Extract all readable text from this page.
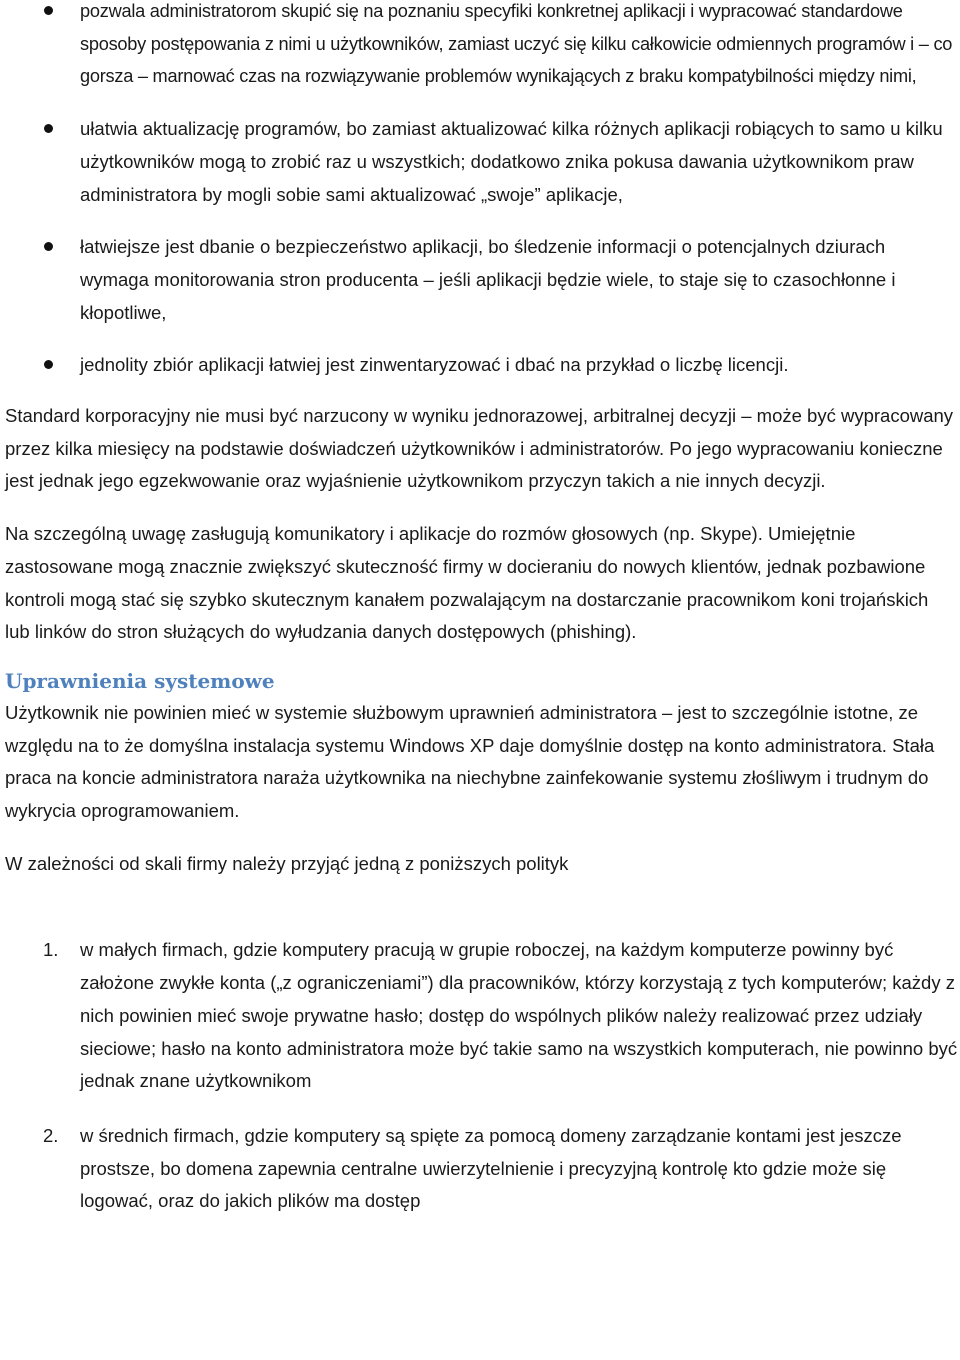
pozwala administratorom skupić się na poznaniu specyfiki konkretnej aplikacji i wypracować standardowe sposoby postępowania z nimi u użytkowników, zamiast uczyć się kilku całkowicie odmiennych programów i – co gorsza – marnować czas na rozwiązywanie problemów wynikających z braku kompatybilności między nimi,
ułatwia aktualizację programów, bo zamiast aktualizować kilka różnych aplikacji robiących to samo u kilku użytkowników mogą to zrobić raz u wszystkich; dodatkowo znika pokusa dawania użytkownikom praw administratora by mogli sobie sami aktualizować „swoje” aplikacje,
łatwiejsze jest dbanie o bezpieczeństwo aplikacji, bo śledzenie informacji o potencjalnych dziurach wymaga monitorowania stron producenta – jeśli aplikacji będzie wiele, to staje się to czasochłonne i kłopotliwe,
jednolity zbiór aplikacji łatwiej jest zinwentaryzować i dbać na przykład o liczbę licencji.

Standard korporacyjny nie musi być narzucony w wyniku jednorazowej, arbitralnej decyzji – może być wypracowany przez kilka miesięcy na podstawie doświadczeń użytkowników i administratorów. Po jego wypracowaniu konieczne jest jednak jego egzekwowanie oraz wyjaśnienie użytkownikom przyczyn takich a nie innych decyzji.

Na szczególną uwagę zasługują komunikatory i aplikacje do rozmów głosowych (np. Skype). Umiejętnie zastosowane mogą znacznie zwiększyć skuteczność firmy w docieraniu do nowych klientów, jednak pozbawione kontroli mogą stać się szybko skutecznym kanałem pozwalającym na dostarczanie pracownikom koni trojańskich lub linków do stron służących do wyłudzania danych dostępowych (phishing).

Uprawnienia systemowe

Użytkownik nie powinien mieć w systemie służbowym uprawnień administratora – jest to szczególnie istotne, ze względu na to że domyślna instalacja systemu Windows XP daje domyślnie dostęp na konto administratora. Stała praca na koncie administratora naraża użytkownika na niechybne zainfekowanie systemu złośliwym i trudnym do wykrycia oprogramowaniem.

W zależności od skali firmy należy przyjąć jedną z poniższych polityk

1. w małych firmach, gdzie komputery pracują w grupie roboczej, na każdym komputerze powinny być założone zwykłe konta („z ograniczeniami”) dla pracowników, którzy korzystają z tych komputerów; każdy z nich powinien mieć swoje prywatne hasło; dostęp do wspólnych plików należy realizować przez udziały sieciowe; hasło na konto administratora może być takie samo na wszystkich komputerach, nie powinno być jednak znane użytkownikom
2. w średnich firmach, gdzie komputery są spięte za pomocą domeny zarządzanie kontami jest jeszcze prostsze, bo domena zapewnia centralne uwierzytelnienie i precyzyjną kontrolę kto gdzie może się logować, oraz do jakich plików ma dostęp
